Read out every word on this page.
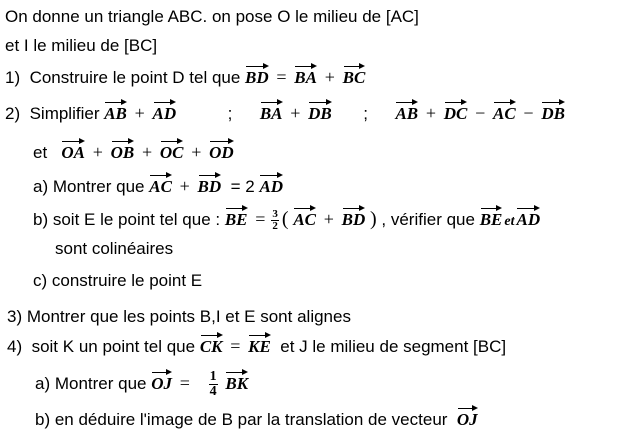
On donne un triangle ABC. on pose O le milieu de [AC]
et I le milieu de [BC]
1) Construire le point D tel que BD = BA + BC
2) Simplifier AB + AD	; BA + DB ; AB + DC − AC − DB
et OA + OB + OC + OD
a) Montrer que AC + BD = 2 AD
b) soit E le point tel que : BE = $\frac{3}{2}$ ( AC + BD ) , vérifier que BE et AD
sont colinéaires
c) construire le point E
3) Montrer que les points B,I et E sont alignes
4) soit K un point tel que CK = KE et J le milieu de segment [BC]
a) Montrer que OJ = $\frac{1}{4}$ BK
b) en déduire l'image de B par la translation de vecteur OJ
